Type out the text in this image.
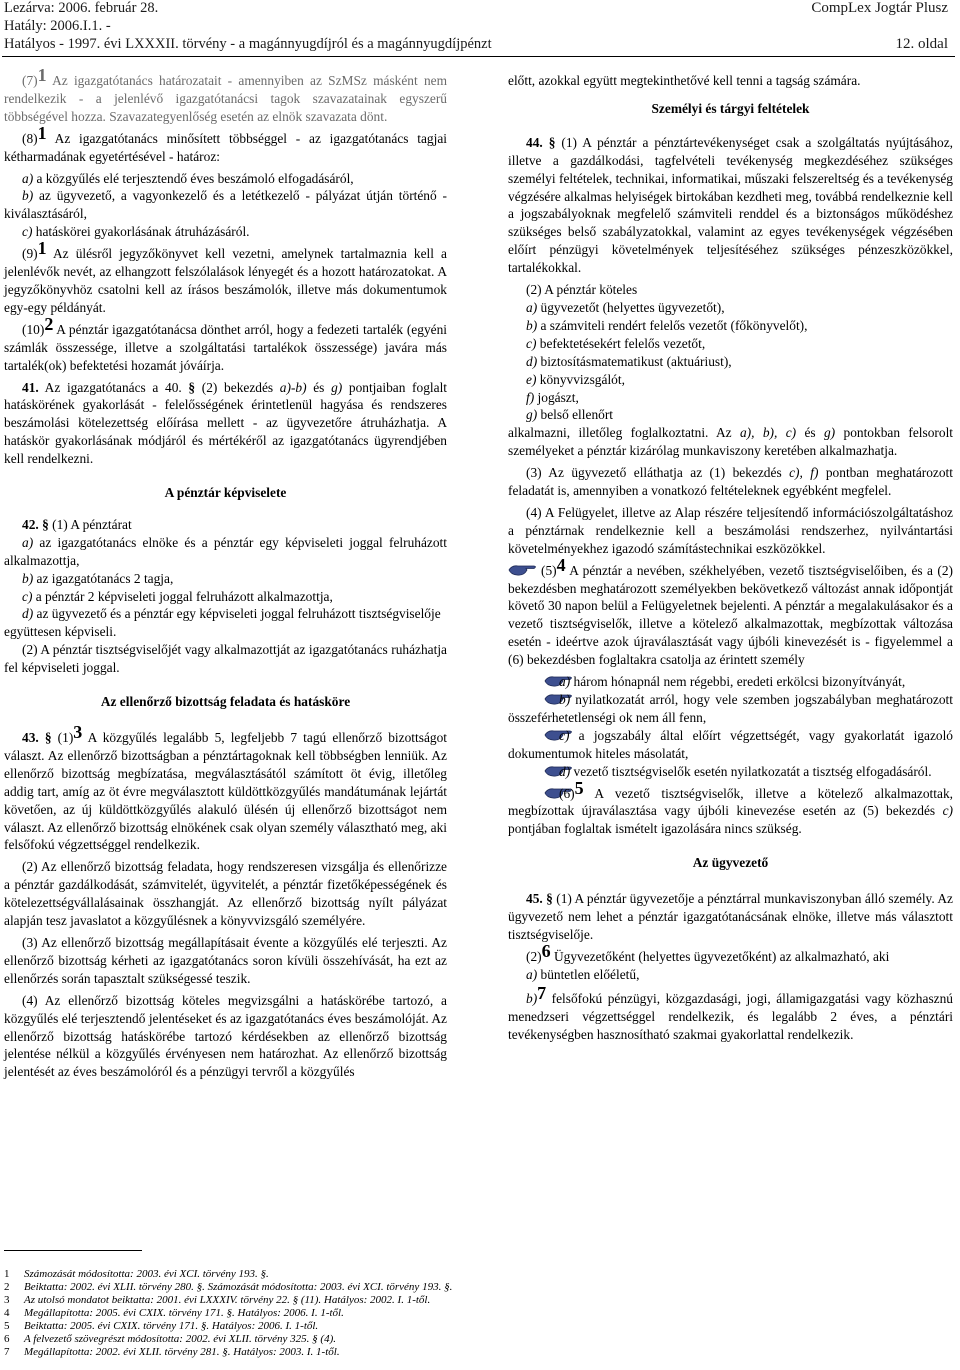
Lezárva: 2006. február 28.
Hatály: 2006.I.1. -
Hatályos - 1997. évi LXXXII. törvény - a magánnyugdíjról és a magánnyugdíjpénzt
CompLex Jogtár Plusz
12. oldal

(7)$^1$ Az igazgatótanács határozatait - amennyiben az SzMSz másként nem rendelkezik - a jelenlévő igazgatótanácsi tagok szavazatainak egyszerű többségével hozza. Szavazategyenlőség esetén az elnök szavazata dönt.

(8)$^1$ Az igazgatótanács minősített többséggel - az igazgatótanács tagjai kétharmadának egyetértésével - határoz:

a) a közgyűlés elé terjesztendő éves beszámoló elfogadásáról,

b) az ügyvezető, a vagyonkezelő és a letétkezelő - pályázat útján történő - kiválasztásáról,

c) hatáskörei gyakorlásának átruházásáról.

(9)$^1$ Az ülésről jegyzőkönyvet kell vezetni, amelynek tartalmaznia kell a jelenlévők nevét, az elhangzott felszólalások lényegét és a hozott határozatokat. A jegyzőkönyvhöz csatolni kell az írásos beszámolók, illetve más dokumentumok egy-egy példányát.

(10)$^2$ A pénztár igazgatótanácsa dönthet arról, hogy a fedezeti tartalék (egyéni számlák összessége, illetve a szolgáltatási tartalékok összessége) javára más tartalék(ok) befektetési hozamát jóváírja.

41. Az igazgatótanács a 40. § (2) bekezdés a)-b) és g) pontjaiban foglalt hatáskörének gyakorlását - felelősségének érintetlenül hagyása és rendszeres beszámolási kötelezettség előírása mellett - az ügyvezetőre átruházhatja. A hatáskör gyakorlásának módjáról és mértékéről az igazgatótanács ügyrendjében kell rendelkezni.

A pénztár képviselete

42. § (1) A pénztárat

a) az igazgatótanács elnöke és a pénztár egy képviseleti joggal felruházott alkalmazottja,

b) az igazgatótanács 2 tagja,

c) a pénztár 2 képviseleti joggal felruházott alkalmazottja,

d) az ügyvezető és a pénztár egy képviseleti joggal felruházott tisztségviselője

együttesen képviseli.

(2) A pénztár tisztségviselőjét vagy alkalmazottját az igazgatótanács ruházhatja fel képviseleti joggal.

Az ellenőrző bizottság feladata és hatásköre

43. § (1)$^3$ A közgyűlés legalább 5, legfeljebb 7 tagú ellenőrző bizottságot választ. Az ellenőrző bizottságban a pénztártagoknak kell többségben lenniük. Az ellenőrző bizottság megbízatása, megválasztásától számított öt évig, illetőleg addig tart, amíg az öt évre megválasztott küldöttközgyűlés mandátumának lejártát követően, az új küldöttközgyűlés alakuló ülésén új ellenőrző bizottságot nem választ. Az ellenőrző bizottság elnökének csak olyan személy választható meg, aki felsőfokú végzettséggel rendelkezik.

(2) Az ellenőrző bizottság feladata, hogy rendszeresen vizsgálja és ellenőrizze a pénztár gazdálkodását, számvitelét, ügyvitelét, a pénztár fizetőképességének és kötelezettségvállalásainak összhangját. Az ellenőrző bizottság nyílt pályázat alapján tesz javaslatot a közgyűlésnek a könyvvizsgáló személyére.

(3) Az ellenőrző bizottság megállapításait évente a közgyűlés elé terjeszti. Az ellenőrző bizottság kérheti az igazgatótanács soron kívüli összehívását, ha ezt az ellenőrzés során tapasztalt szükségessé teszik.

(4) Az ellenőrző bizottság köteles megvizsgálni a hatáskörébe tartozó, a közgyűlés elé terjesztendő jelentéseket és az igazgatótanács éves beszámolóját. Az ellenőrző bizottság hatáskörébe tartozó kérdésekben az ellenőrző bizottság jelentése nélkül a közgyűlés érvényesen nem határozhat. Az ellenőrző bizottság jelentését az éves beszámolóról és a pénzügyi tervről a közgyűlés

előtt, azokkal együtt megtekinthetővé kell tenni a tagság számára.

Személyi és tárgyi feltételek

44. § (1) A pénztár a pénztártevékenységet csak a szolgáltatás nyújtásához, illetve a gazdálkodási, tagfelvételi tevékenység megkezdéséhez szükséges személyi feltételek, technikai, informatikai, műszaki felszereltség és a tevékenység végzésére alkalmas helyiségek birtokában kezdheti meg, továbbá rendelkeznie kell a jogszabályoknak megfelelő számviteli renddel és a biztonságos működéshez szükséges belső szabályzatokkal, valamint az egyes tevékenységek végzésében előírt pénzügyi követelmények teljesítéséhez szükséges pénzeszközökkel, tartalékokkal.

(2) A pénztár köteles

a) ügyvezetőt (helyettes ügyvezetőt),

b) a számviteli rendért felelős vezetőt (főkönyvelőt),

c) befektetésekért felelős vezetőt,

d) biztosításmatematikust (aktuáriust),

e) könyvvizsgálót,

f) jogászt,

g) belső ellenőrt

alkalmazni, illetőleg foglalkoztatni. Az a), b), c) és g) pontokban felsorolt személyeket a pénztár kizárólag munkaviszony keretében alkalmazhatja.

(3) Az ügyvezető elláthatja az (1) bekezdés c), f) pontban meghatározott feladatát is, amennyiben a vonatkozó feltételeknek egyébként megfelel.

(4) A Felügyelet, illetve az Alap részére teljesítendő információszolgáltatáshoz a pénztárnak rendelkeznie kell a beszámolási rendszerhez, nyilvántartási követelményekhez igazodó számítástechnikai eszközökkel.

(5)$^4$ A pénztár a nevében, székhelyében, vezető tisztségviselőiben, és a (2) bekezdésben meghatározott személyekben bekövetkező változást annak időpontját követő 30 napon belül a Felügyeletnek bejelenti. A pénztár a megalakulásakor és a vezető tisztségviselők, illetve a kötelező alkalmazottak, megbízottak változása esetén - ideértve azok újraválasztását vagy újbóli kinevezését is - figyelemmel a (6) bekezdésben foglaltakra csatolja az érintett személy

a) három hónapnál nem régebbi, eredeti erkölcsi bizonyítványát,

b) nyilatkozatát arról, hogy vele szemben jogszabályban meghatározott összeférhetetlenségi ok nem áll fenn,

c) a jogszabály által előírt végzettségét, vagy gyakorlatát igazoló dokumentumok hiteles másolatát,

d) vezető tisztségviselők esetén nyilatkozatát a tisztség elfogadásáról.

(6)$^5$ A vezető tisztségviselők, illetve a kötelező alkalmazottak, megbízottak újraválasztása vagy újbóli kinevezése esetén az (5) bekezdés c) pontjában foglaltak ismételt igazolására nincs szükség.

Az ügyvezető

45. § (1) A pénztár ügyvezetője a pénztárral munkaviszonyban álló személy. Az ügyvezető nem lehet a pénztár igazgatótanácsának elnöke, illetve más választott tisztségviselője.

(2)$^6$ Ügyvezetőként (helyettes ügyvezetőként) az alkalmazható, aki

a) büntetlen előéletű,

b)$^7$ felsőfokú pénzügyi, közgazdasági, jogi, államigazgatási vagy közhasznú menedzseri végzettséggel rendelkezik, és legalább 2 éves, a pénztári tevékenységben hasznosítható szakmai gyakorlattal rendelkezik.

1 Számozását módosította: 2003. évi XCI. törvény 193. §.
2 Beiktatta: 2002. évi XLII. törvény 280. §. Számozását módosította: 2003. évi XCI. törvény 193. §.
3 Az utolsó mondatot beiktatta: 2001. évi LXXXIV. törvény 22. § (11). Hatályos: 2002. I. 1-től.
4 Megállapította: 2005. évi CXIX. törvény 171. §. Hatályos: 2006. I. 1-től.
5 Beiktatta: 2005. évi CXIX. törvény 171. §. Hatályos: 2006. I. 1-től.
6 A felvezető szövegrészt módosította: 2002. évi XLII. törvény 325. § (4).
7 Megállapította: 2002. évi XLII. törvény 281. §. Hatályos: 2003. I. 1-től.
